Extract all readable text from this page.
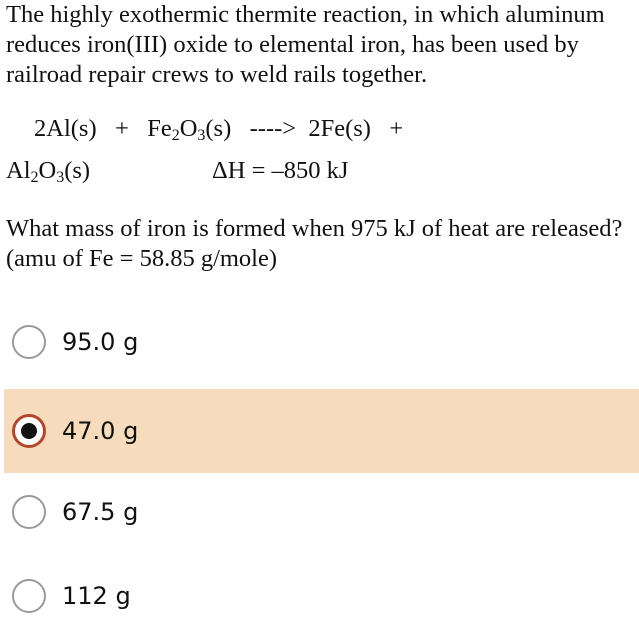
The highly exothermic thermite reaction, in which aluminum reduces iron(III) oxide to elemental iron, has been used by railroad repair crews to weld rails together.

$2Al(s) + Fe_2O_3(s)$ ----> 2Fe(s) +
$Al_2O_3(s)$	ΔH = –850 kJ

What mass of iron is formed when 975 kJ of heat are released? (amu of Fe = 58.85 g/mole)

95.0 g
47.0 g
67.5 g
112 g
